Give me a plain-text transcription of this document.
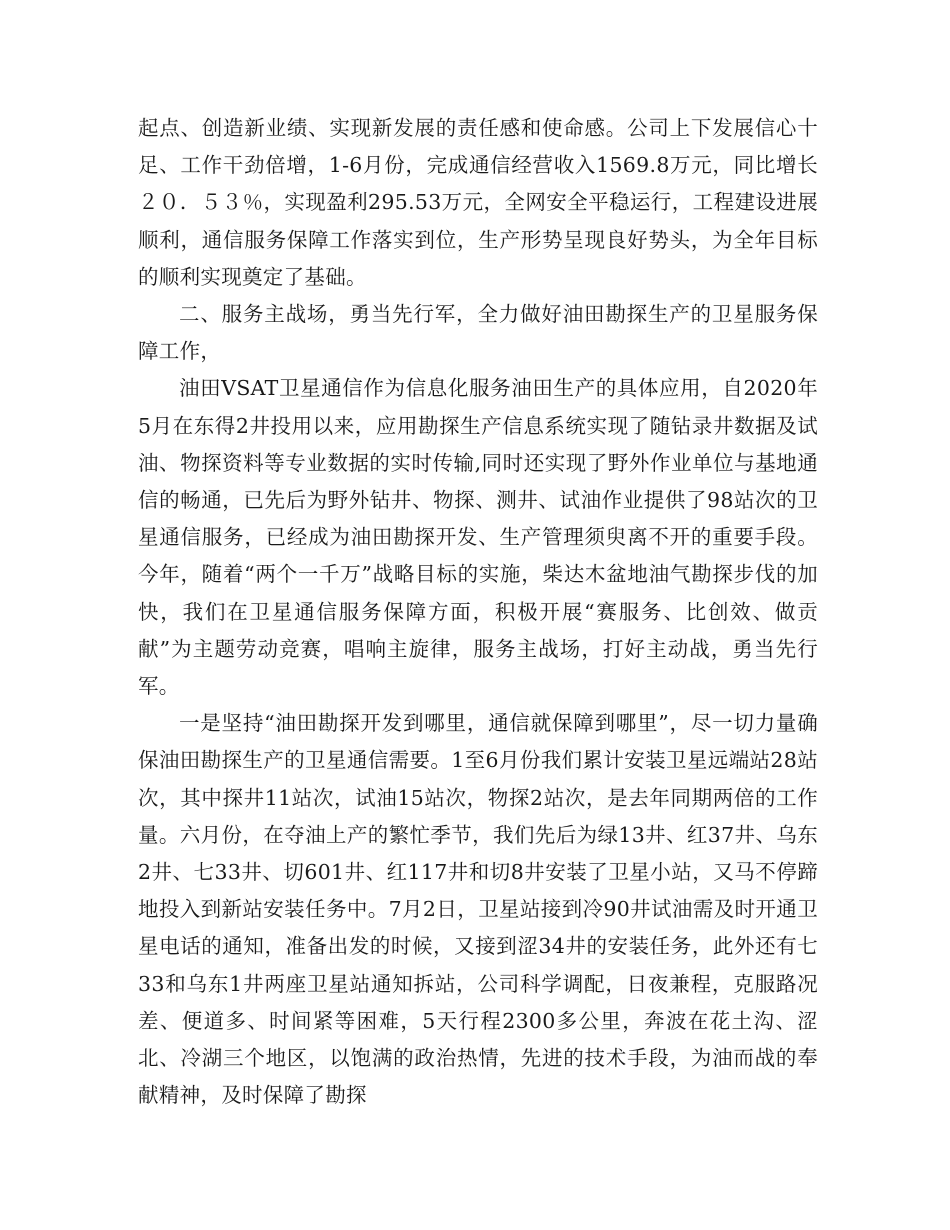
起点、创造新业绩、实现新发展的责任感和使命感。公司上下发展信心十足、工作干劲倍增，1-6月份，完成通信经营收入1569.8万元，同比增长２０．５３％，实现盈利295.53万元，全网安全平稳运行，工程建设进展顺利，通信服务保障工作落实到位，生产形势呈现良好势头，为全年目标的顺利实现奠定了基础。

二、服务主战场，勇当先行军，全力做好油田勘探生产的卫星服务保障工作，

油田VSAT卫星通信作为信息化服务油田生产的具体应用，自2020年5月在东得2井投用以来，应用勘探生产信息系统实现了随钻录井数据及试油、物探资料等专业数据的实时传输,同时还实现了野外作业单位与基地通信的畅通，已先后为野外钻井、物探、测井、试油作业提供了98站次的卫星通信服务，已经成为油田勘探开发、生产管理须臾离不开的重要手段。今年，随着“两个一千万”战略目标的实施，柴达木盆地油气勘探步伐的加快，我们在卫星通信服务保障方面，积极开展“赛服务、比创效、做贡献”为主题劳动竞赛，唱响主旋律，服务主战场，打好主动战，勇当先行军。

一是坚持“油田勘探开发到哪里，通信就保障到哪里”，尽一切力量确保油田勘探生产的卫星通信需要。1至6月份我们累计安装卫星远端站28站次，其中探井11站次，试油15站次，物探2站次，是去年同期两倍的工作量。六月份，在夺油上产的繁忙季节，我们先后为绿13井、红37井、乌东2井、七33井、切601井、红117井和切8井安装了卫星小站，又马不停蹄地投入到新站安装任务中。7月2日，卫星站接到冷90井试油需及时开通卫星电话的通知，准备出发的时候，又接到涩34井的安装任务，此外还有七33和乌东1井两座卫星站通知拆站，公司科学调配，日夜兼程，克服路况差、便道多、时间紧等困难，5天行程2300多公里，奔波在花土沟、涩北、冷湖三个地区，以饱满的政治热情，先进的技术手段，为油而战的奉献精神，及时保障了勘探
